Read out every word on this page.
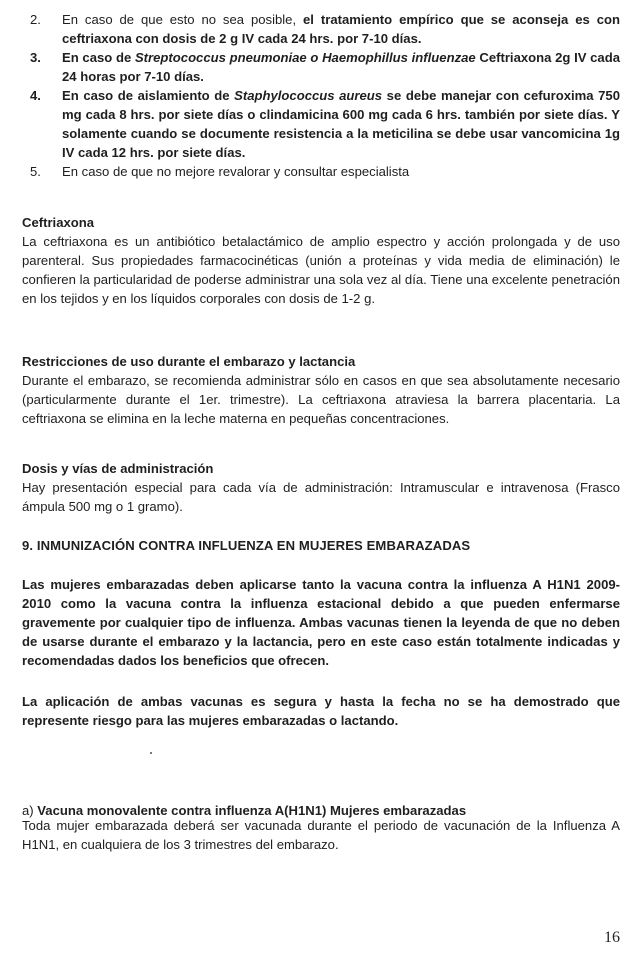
2. En caso de que esto no sea posible, el tratamiento empírico que se aconseja es con ceftriaxona con dosis de 2 g IV cada 24 hrs. por 7-10 días.
3. En caso de Streptococcus pneumoniae o Haemophillus influenzae Ceftriaxona 2g IV cada 24 horas por 7-10 días.
4. En caso de aislamiento de Staphylococcus aureus se debe manejar con cefuroxima 750 mg cada 8 hrs. por siete días o clindamicina 600 mg cada 6 hrs. también por siete días. Y solamente cuando se documente resistencia a la meticilina se debe usar vancomicina 1g IV cada 12 hrs. por siete días.
5. En caso de que no mejore revalorar y consultar especialista
Ceftriaxona
La ceftriaxona es un antibiótico betalactámico de amplio espectro y acción prolongada y de uso parenteral. Sus propiedades farmacocinéticas (unión a proteínas y vida media de eliminación) le confieren la particularidad de poderse administrar una sola vez al día. Tiene una excelente penetración en los tejidos y en los líquidos corporales con dosis de 1-2 g.
Restricciones de uso durante el embarazo y lactancia
Durante el embarazo, se recomienda administrar sólo en casos en que sea absolutamente necesario (particularmente durante el 1er. trimestre). La ceftriaxona atraviesa la barrera placentaria. La ceftriaxona se elimina en la leche materna en pequeñas concentraciones.
Dosis y vías de administración
Hay presentación especial para cada vía de administración: Intramuscular e intravenosa (Frasco ámpula 500 mg o 1 gramo).
9. INMUNIZACIÓN CONTRA INFLUENZA EN MUJERES EMBARAZADAS
Las mujeres embarazadas deben aplicarse tanto la vacuna contra la influenza A H1N1 2009-2010 como la vacuna contra la influenza estacional debido a que pueden enfermarse gravemente por cualquier tipo de influenza. Ambas vacunas tienen la leyenda de que no deben de usarse durante el embarazo y la lactancia, pero en este caso están totalmente indicadas y recomendadas dados los beneficios que ofrecen.
La aplicación de ambas vacunas es segura y hasta la fecha no se ha demostrado que represente riesgo para las mujeres embarazadas o lactando.
a) Vacuna monovalente contra influenza A(H1N1) Mujeres embarazadas
Toda mujer embarazada deberá ser vacunada durante el periodo de vacunación de la Influenza A H1N1, en cualquiera de los 3 trimestres del embarazo.
16
